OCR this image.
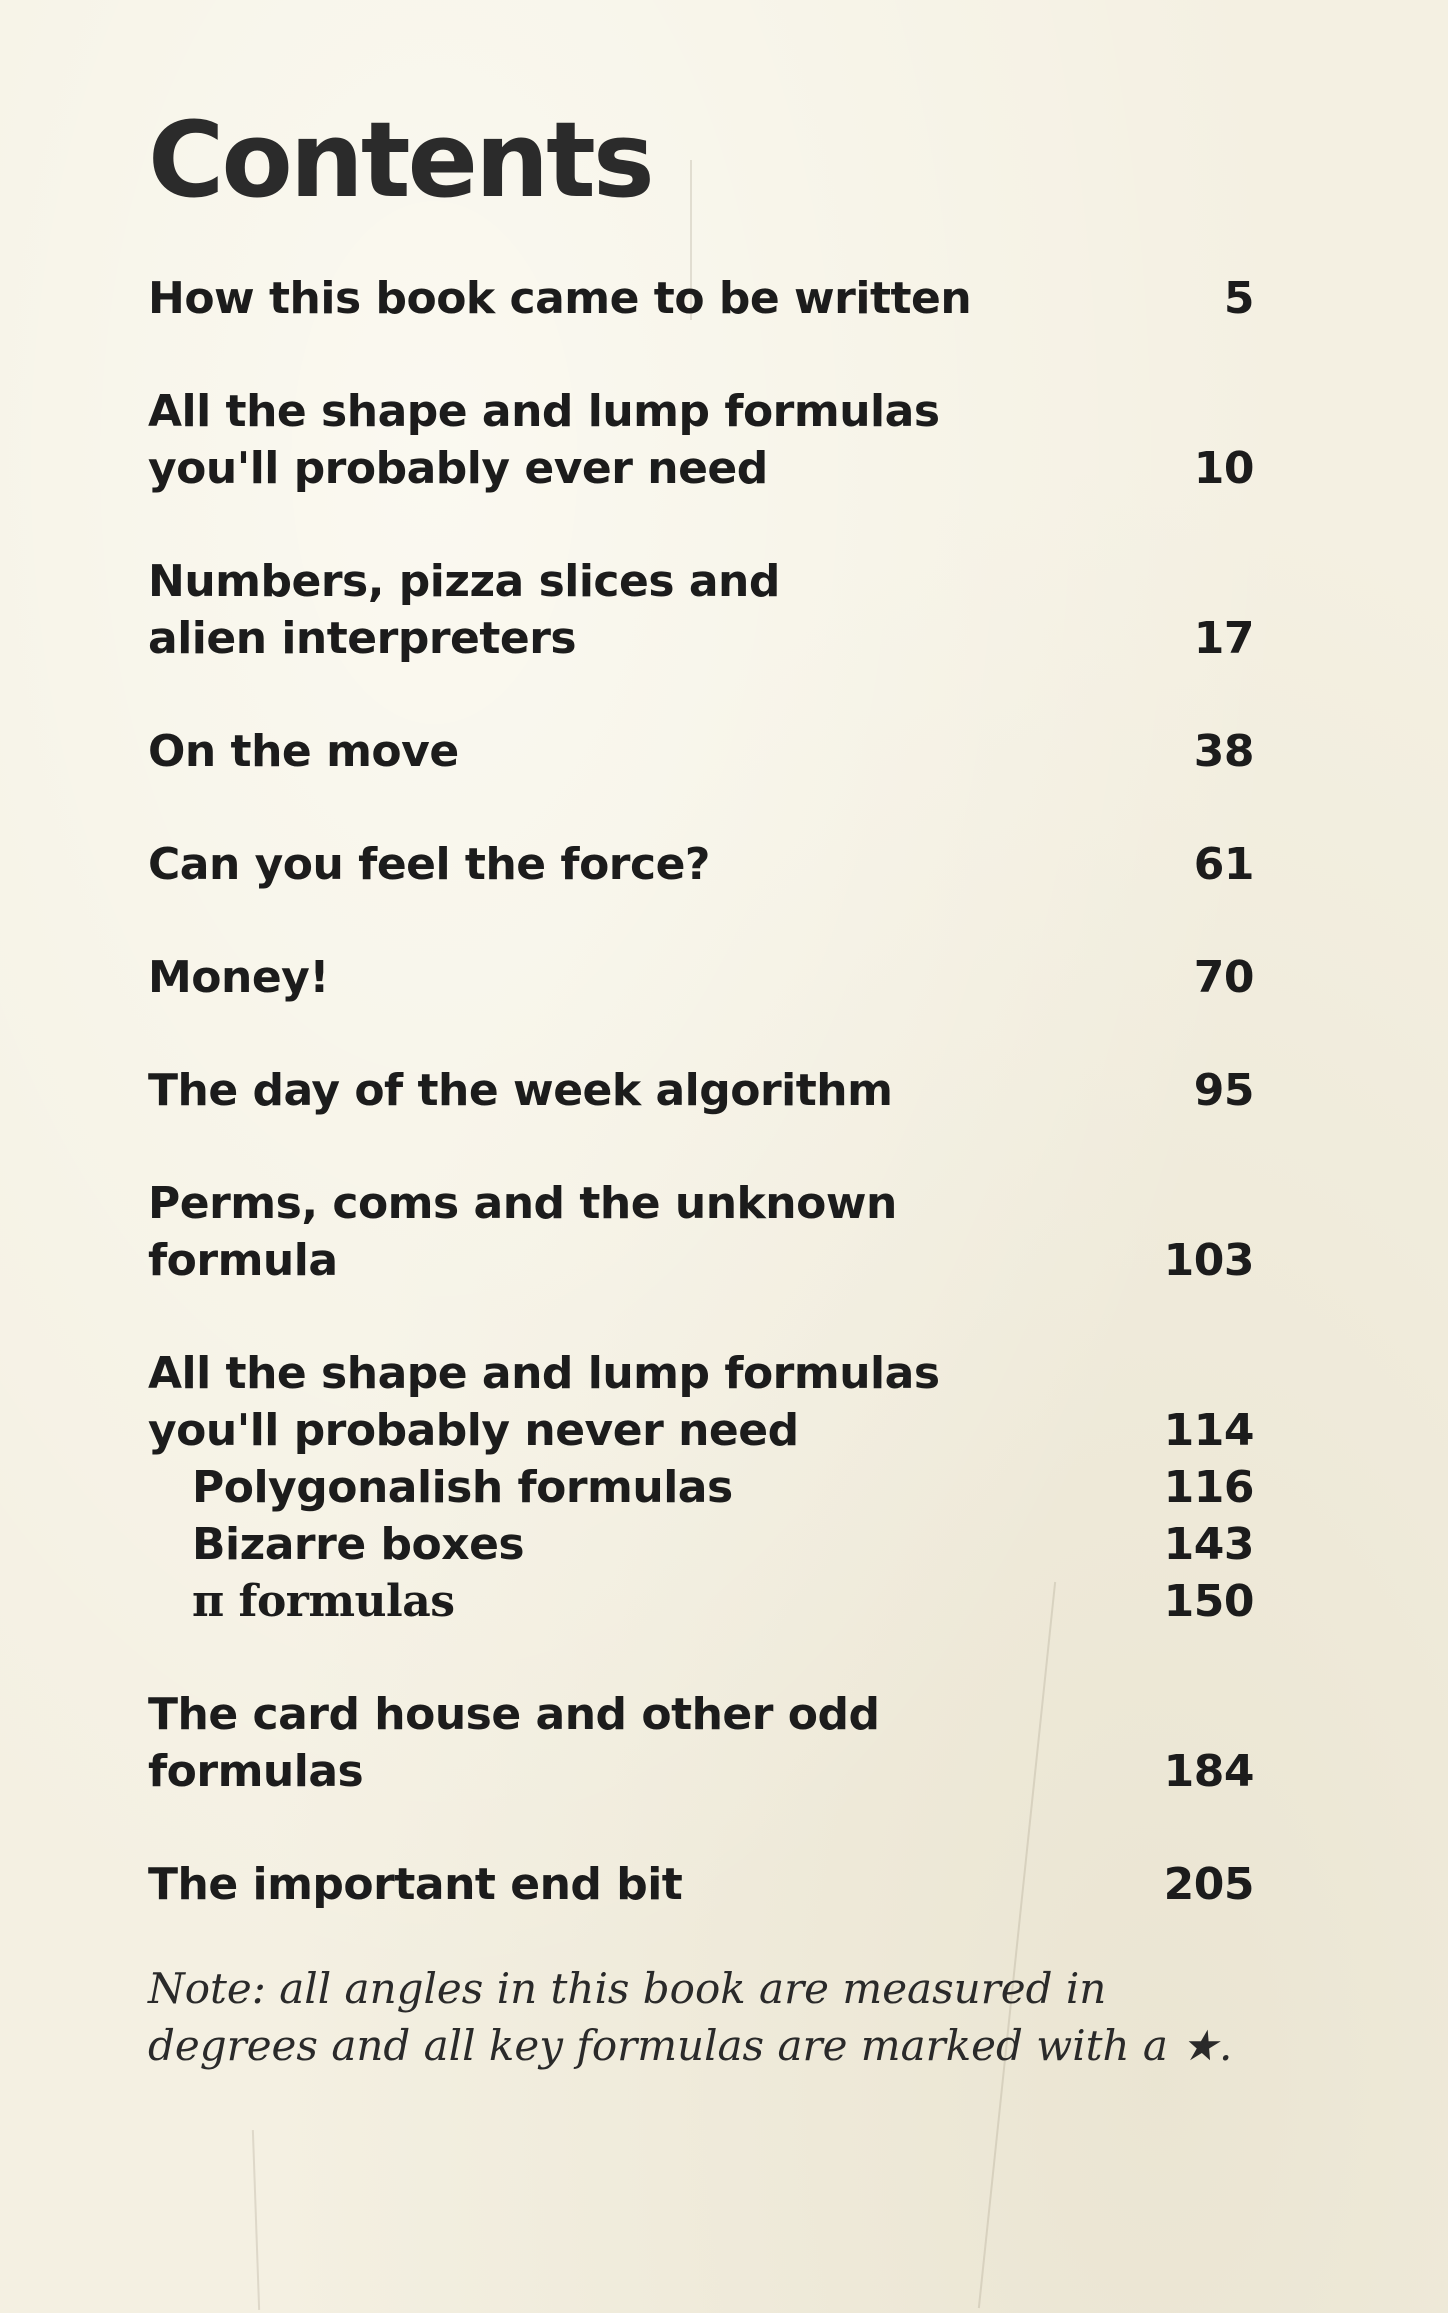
Contents
How this book came to be written	5
All the shape and lump formulas you'll probably ever need	10
Numbers, pizza slices and alien interpreters	17
On the move	38
Can you feel the force?	61
Money!	70
The day of the week algorithm	95
Perms, coms and the unknown formula	103
All the shape and lump formulas you'll probably never need	114
Polygonalish formulas	116
Bizarre boxes	143
π formulas	150
The card house and other odd formulas	184
The important end bit	205

Note: all angles in this book are measured in degrees and all key formulas are marked with a ★.
